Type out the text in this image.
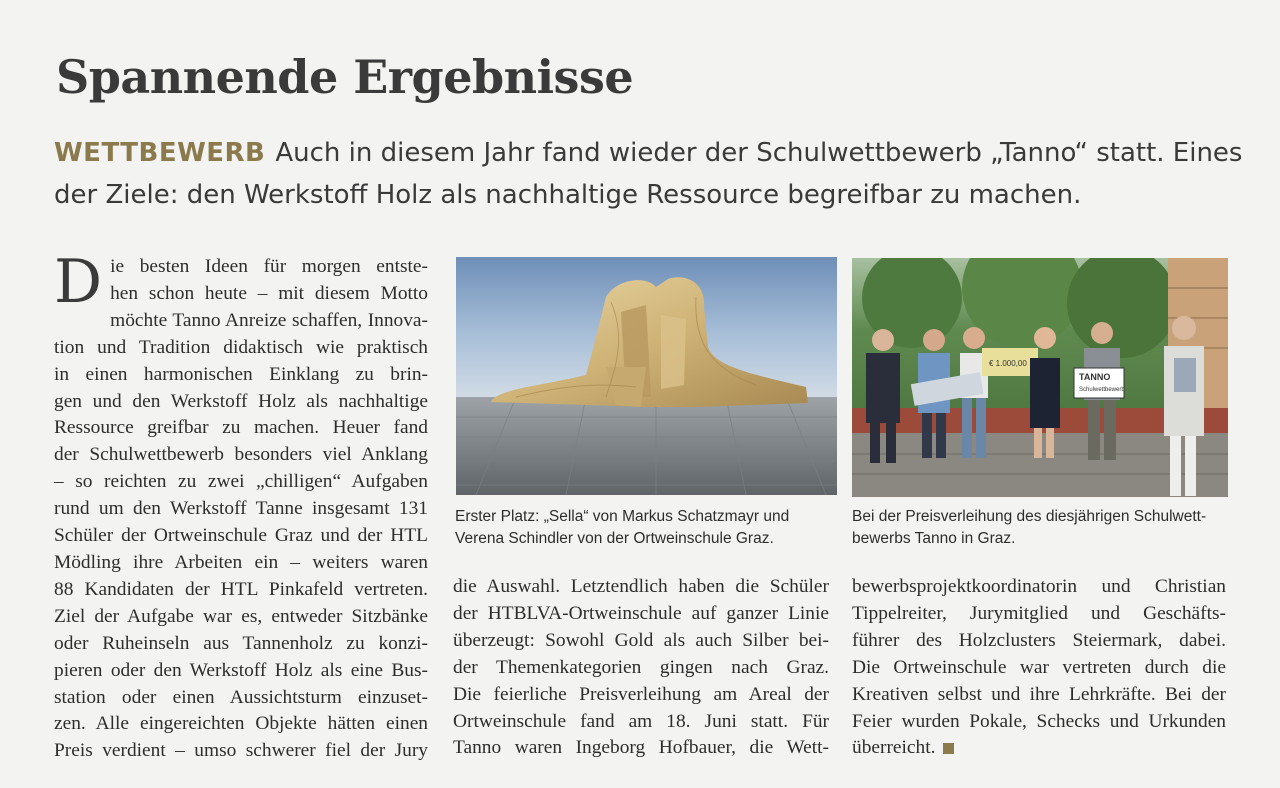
Spannende Ergebnisse

WETTBEWERB Auch in diesem Jahr fand wieder der Schulwettbewerb „Tanno“ statt. Eines der Ziele: den Werkstoff Holz als nachhaltige Ressource begreifbar zu machen.

D ie besten Ideen für morgen entste-

hen schon heute – mit diesem Motto

möchte Tanno Anreize schaffen, Innova-

tion und Tradition didaktisch wie praktisch

in einen harmonischen Einklang zu brin-

gen und den Werkstoff Holz als nachhaltige

Ressource greifbar zu machen. Heuer fand

der Schulwettbewerb besonders viel Anklang

– so reichten zu zwei „chilligen“ Aufgaben

rund um den Werkstoff Tanne insgesamt 131

Schüler der Ortweinschule Graz und der HTL

Mödling ihre Arbeiten ein – weiters waren

88 Kandidaten der HTL Pinkafeld vertreten.

Ziel der Aufgabe war es, entweder Sitzbänke

oder Ruheinseln aus Tannenholz zu konzi-

pieren oder den Werkstoff Holz als eine Bus-

station oder einen Aussichtsturm einzuset-

zen. Alle eingereichten Objekte hätten einen

Preis verdient – umso schwerer fiel der Jury

Erster Platz: „Sella“ von Markus Schatzmayr und
Verena Schindler von der Ortweinschule Graz.

€ 1.000,00
TANNO
Schulwettbewerb

Bei der Preisverleihung des diesjährigen Schulwett-
bewerbs Tanno in Graz.

die Auswahl. Letztendlich haben die Schüler

der HTBLVA-Ortweinschule auf ganzer Linie

überzeugt: Sowohl Gold als auch Silber bei-

der Themenkategorien gingen nach Graz.

Die feierliche Preisverleihung am Areal der

Ortweinschule fand am 18. Juni statt. Für

Tanno waren Ingeborg Hofbauer, die Wett-

bewerbsprojektkoordinatorin und Christian

Tippelreiter, Jurymitglied und Geschäfts-

führer des Holzclusters Steiermark, dabei.

Die Ortweinschule war vertreten durch die

Kreativen selbst und ihre Lehrkräfte. Bei der

Feier wurden Pokale, Schecks und Urkunden

überreicht.
